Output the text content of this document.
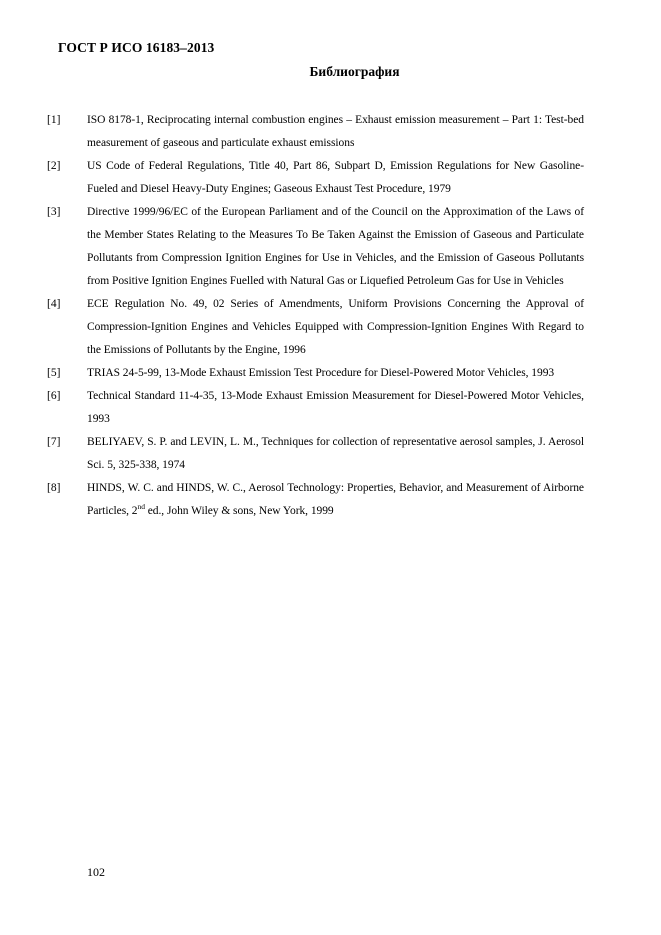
ГОСТ Р ИСО 16183–2013
Библиография
[1]	ISO 8178-1, Reciprocating internal combustion engines – Exhaust emission measurement – Part 1: Test-bed measurement of gaseous and particulate exhaust emissions
[2]	US Code of Federal Regulations, Title 40, Part 86, Subpart D, Emission Regulations for New Gasoline- Fueled and Diesel Heavy-Duty Engines; Gaseous Exhaust Test Procedure, 1979
[3]	Directive 1999/96/EC of the European Parliament and of the Council on the Approximation of the Laws of the Member States Relating to the Measures To Be Taken Against the Emission of Gaseous and Particulate Pollutants from Compression Ignition Engines for Use in Vehicles, and the Emission of Gaseous Pollutants from Positive Ignition Engines Fuelled with Natural Gas or Liquefied Petroleum Gas for Use in Vehicles
[4]	ECE Regulation No. 49, 02 Series of Amendments, Uniform Provisions Concerning the Approval of Compression-Ignition Engines and Vehicles Equipped with Compression-Ignition Engines With Regard to the Emissions of Pollutants by the Engine, 1996
[5]	TRIAS 24-5-99, 13-Mode Exhaust Emission Test Procedure for Diesel-Powered Motor Vehicles, 1993
[6]	Technical Standard 11-4-35, 13-Mode Exhaust Emission Measurement for Diesel-Powered Motor Vehicles, 1993
[7]	BELIYAEV, S. P. and LEVIN, L. M., Techniques for collection of representative aerosol samples, J. Aerosol Sci. 5, 325-338, 1974
[8]	HINDS, W. C. and HINDS, W. C., Aerosol Technology: Properties, Behavior, and Measurement of Airborne Particles, 2nd ed., John Wiley & sons, New York, 1999
102
